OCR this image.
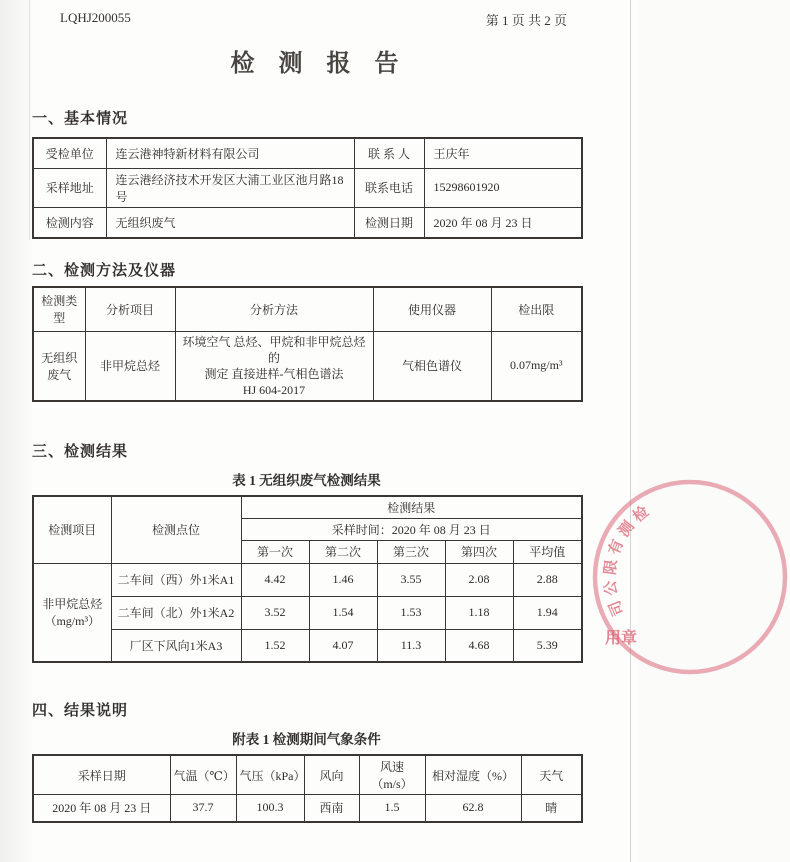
LQHJ200055	第 1 页 共 2 页
检 测 报 告
一、基本情况
受检单位	连云港神特新材料有限公司	联 系 人	王庆年
采样地址	连云港经济技术开发区大浦工业区池月路18号	联系电话	15298601920
检测内容	无组织废气	检测日期	2020 年 08 月 23 日
二、检测方法及仪器
检测类型	分析项目	分析方法	使用仪器	检出限
无组织废气	非甲烷总烃	环境空气 总烃、甲烷和非甲烷总烃的
测定 直接进样-气相色谱法
HJ 604-2017	气相色谱仪	0.07mg/m³
三、检测结果
表 1 无组织废气检测结果
检测项目	检测点位	检测结果				
		采样时间：2020 年 08 月 23 日				
		第一次	第二次	第三次	第四次	平均值
非甲烷总烃
（mg/m³）	二车间（西）外1米A1	4.42	1.46	3.55	2.08	2.88
	二车间（北）外1米A2	3.52	1.54	1.53	1.18	1.94
	厂区下风向1米A3	1.52	4.07	11.3	4.68	5.39
四、结果说明
附表 1 检测期间气象条件
采样日期	气温（℃）	气压（kPa）	风向	风速（m/s）	相对湿度（%）	天气
2020 年 08 月 23 日	37.7	100.3	西南	1.5	62.8	晴
检
测
有
限
公
司
用章
